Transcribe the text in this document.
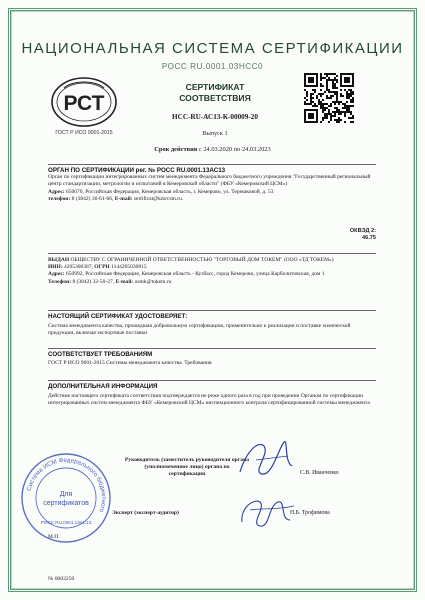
НАЦИОНАЛЬНАЯ СИСТЕМА СЕРТИФИКАЦИИ
РОСС RU.0001.03НСС0
РСТ
ГОСТ Р ИСО 9001-2015
СЕРТИФИКАТ
СООТВЕТСТВИЯ
НСС-RU-АС13-К-00009-20
Выпуск 1
Срок действия с 24.03.2020 по 24.03.2023
ОРГАН ПО СЕРТИФИКАЦИИ рег. № РОСС RU.0001.13АС13
Орган по сертификации интегрированных систем менеджмента Федерального бюджетного учреждения "Государственный региональный центр стандартизации, метрологии и испытаний в Кемеровской области" (ФБУ «Кемеровский ЦСМ»)
Адрес: 650070, Российская Федерация, Кемеровская область, г. Кемерово, ул. Терешковой, д. 53
телефон: 8 (3842) 36-61-66, E-mail: sertificat@kmrcsm.ru.
ОКВЭД 2:
46.75
ВЫДАН ОБЩЕСТВУ С ОГРАНИЧЕННОЙ ОТВЕТСТВЕННОСТЬЮ "ТОРГОВЫЙ ДОМ ТОКЕМ" (ООО «ТД ТОКЕМ»)
ИНН: 4205300387, ОГРН 1144205030815
Адрес: 650992, Российская Федерация, Кемеровская область - Кузбасс, город Кемерово, улица Карболитовская, дом 1
Телефон: 8 (3842) 32-50-27, E-mail: osmk@tokem.ru
НАСТОЯЩИЙ СЕРТИФИКАТ УДОСТОВЕРЯЕТ:
Система менеджмента качества, прошедшая добровольную сертификацию, применительно к реализации и поставке химической продукции, включая экспортные поставки
СООТВЕТСТВУЕТ ТРЕБОВАНИЯМ
ГОСТ Р ИСО 9001-2015 Системы менеджмента качества. Требования
ДОПОЛНИТЕЛЬНАЯ ИНФОРМАЦИЯ
Действие настоящего сертификата соответствия подтверждается не реже одного раза в год при проведении Органом по сертификации интегрированных систем менеджмента ФБУ «Кемеровский ЦСМ» инспекционного контроля сертифицированной системы менеджмента
Руководитель (заместитель руководителя органа
(уполномоченное лицо) органа по
сертификации	С.В. Иванченко
М.П.
Эксперт (эксперт-аудитор)	Н.Б. Трофимова
Система ИСМ Федерального бюджетного
Для
сертификатов
РОСС RU.0001.13АС13
№ 0002250
